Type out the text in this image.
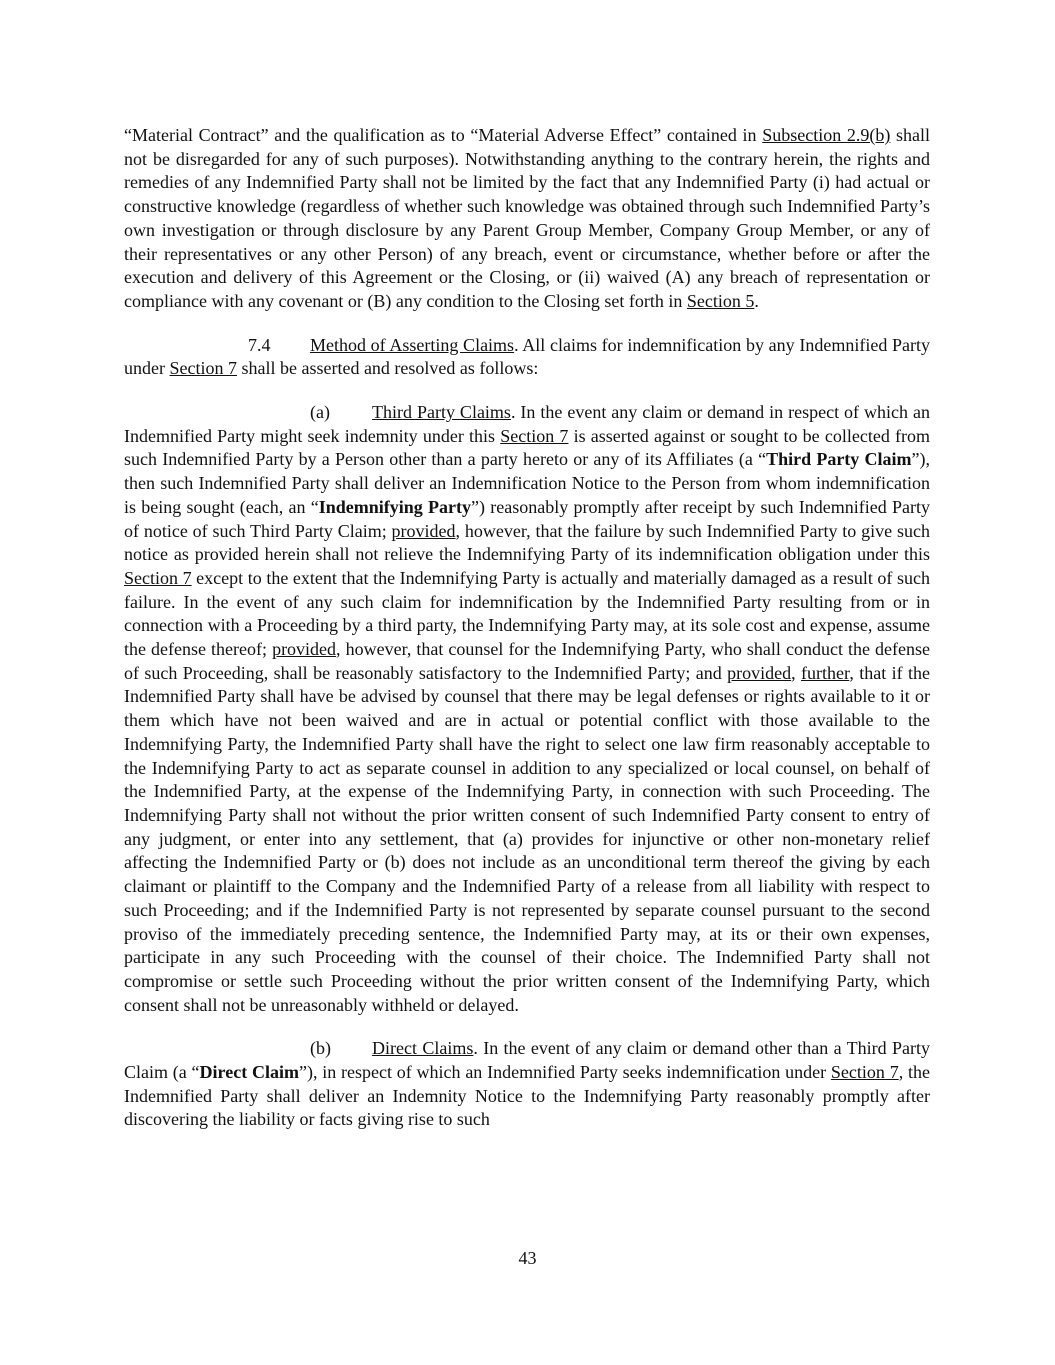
“Material Contract” and the qualification as to “Material Adverse Effect” contained in Subsection 2.9(b) shall not be disregarded for any of such purposes). Notwithstanding anything to the contrary herein, the rights and remedies of any Indemnified Party shall not be limited by the fact that any Indemnified Party (i) had actual or constructive knowledge (regardless of whether such knowledge was obtained through such Indemnified Party’s own investigation or through disclosure by any Parent Group Member, Company Group Member, or any of their representatives or any other Person) of any breach, event or circumstance, whether before or after the execution and delivery of this Agreement or the Closing, or (ii) waived (A) any breach of representation or compliance with any covenant or (B) any condition to the Closing set forth in Section 5.

7.4 Method of Asserting Claims. All claims for indemnification by any Indemnified Party under Section 7 shall be asserted and resolved as follows:

(a) Third Party Claims. In the event any claim or demand in respect of which an Indemnified Party might seek indemnity under this Section 7 is asserted against or sought to be collected from such Indemnified Party by a Person other than a party hereto or any of its Affiliates (a “Third Party Claim”), then such Indemnified Party shall deliver an Indemnification Notice to the Person from whom indemnification is being sought (each, an “Indemnifying Party”) reasonably promptly after receipt by such Indemnified Party of notice of such Third Party Claim; provided, however, that the failure by such Indemnified Party to give such notice as provided herein shall not relieve the Indemnifying Party of its indemnification obligation under this Section 7 except to the extent that the Indemnifying Party is actually and materially damaged as a result of such failure. In the event of any such claim for indemnification by the Indemnified Party resulting from or in connection with a Proceeding by a third party, the Indemnifying Party may, at its sole cost and expense, assume the defense thereof; provided, however, that counsel for the Indemnifying Party, who shall conduct the defense of such Proceeding, shall be reasonably satisfactory to the Indemnified Party; and provided, further, that if the Indemnified Party shall have be advised by counsel that there may be legal defenses or rights available to it or them which have not been waived and are in actual or potential conflict with those available to the Indemnifying Party, the Indemnified Party shall have the right to select one law firm reasonably acceptable to the Indemnifying Party to act as separate counsel in addition to any specialized or local counsel, on behalf of the Indemnified Party, at the expense of the Indemnifying Party, in connection with such Proceeding. The Indemnifying Party shall not without the prior written consent of such Indemnified Party consent to entry of any judgment, or enter into any settlement, that (a) provides for injunctive or other non-monetary relief affecting the Indemnified Party or (b) does not include as an unconditional term thereof the giving by each claimant or plaintiff to the Company and the Indemnified Party of a release from all liability with respect to such Proceeding; and if the Indemnified Party is not represented by separate counsel pursuant to the second proviso of the immediately preceding sentence, the Indemnified Party may, at its or their own expenses, participate in any such Proceeding with the counsel of their choice. The Indemnified Party shall not compromise or settle such Proceeding without the prior written consent of the Indemnifying Party, which consent shall not be unreasonably withheld or delayed.

(b) Direct Claims. In the event of any claim or demand other than a Third Party Claim (a “Direct Claim”), in respect of which an Indemnified Party seeks indemnification under Section 7, the Indemnified Party shall deliver an Indemnity Notice to the Indemnifying Party reasonably promptly after discovering the liability or facts giving rise to such

43
